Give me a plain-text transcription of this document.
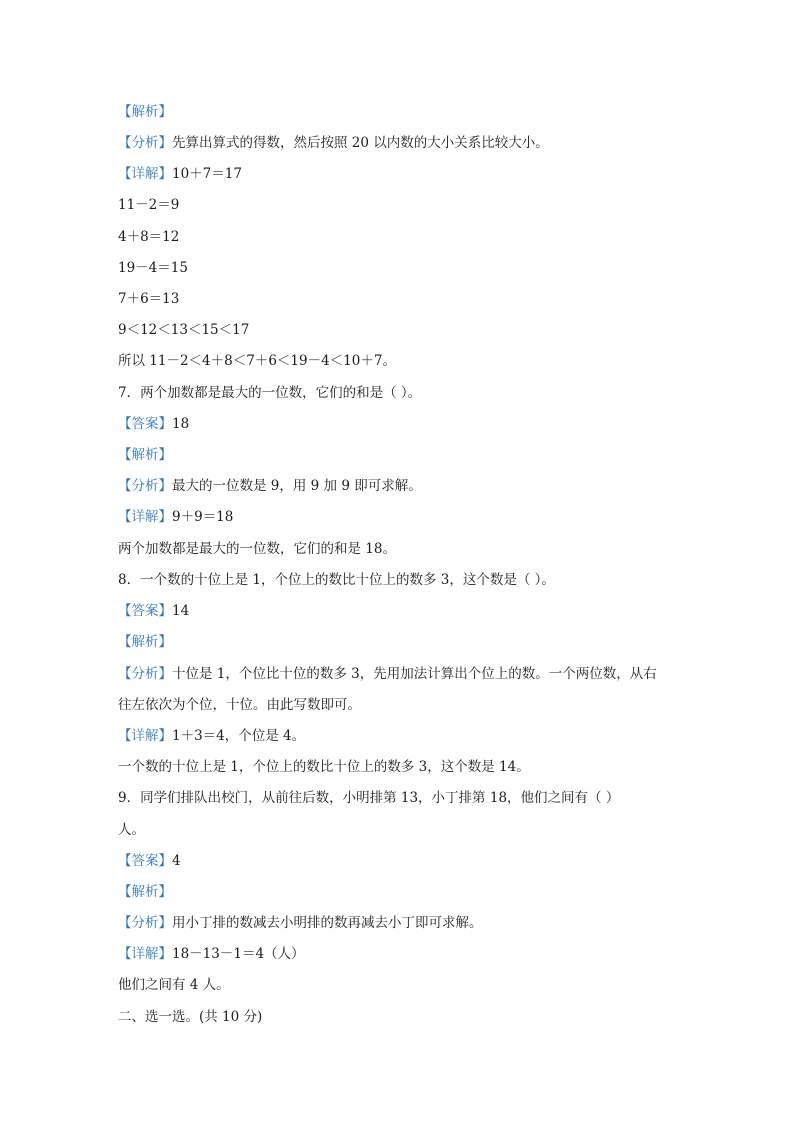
【解析】
【分析】先算出算式的得数，然后按照 20 以内数的大小关系比较大小。
【详解】10＋7＝17
11－2＝9
4＋8＝12
19－4＝15
7＋6＝13
9＜12＜13＜15＜17
所以 11－2＜4＋8＜7＋6＜19－4＜10＋7。
7．两个加数都是最大的一位数，它们的和是（ ）。
【答案】18
【解析】
【分析】最大的一位数是 9，用 9 加 9 即可求解。
【详解】9＋9＝18
两个加数都是最大的一位数，它们的和是 18。
8．一个数的十位上是 1，个位上的数比十位上的数多 3，这个数是（ ）。
【答案】14
【解析】
【分析】十位是 1，个位比十位的数多 3，先用加法计算出个位上的数。一个两位数，从右
往左依次为个位，十位。由此写数即可。
【详解】1＋3＝4，个位是 4。
一个数的十位上是 1，个位上的数比十位上的数多 3，这个数是 14。
9．同学们排队出校门，从前往后数，小明排第 13，小丁排第 18，他们之间有（ ）
人。
【答案】4
【解析】
【分析】用小丁排的数减去小明排的数再减去小丁即可求解。
【详解】18－13－1＝4（人）
他们之间有 4 人。
二、选一选。(共 10 分)
